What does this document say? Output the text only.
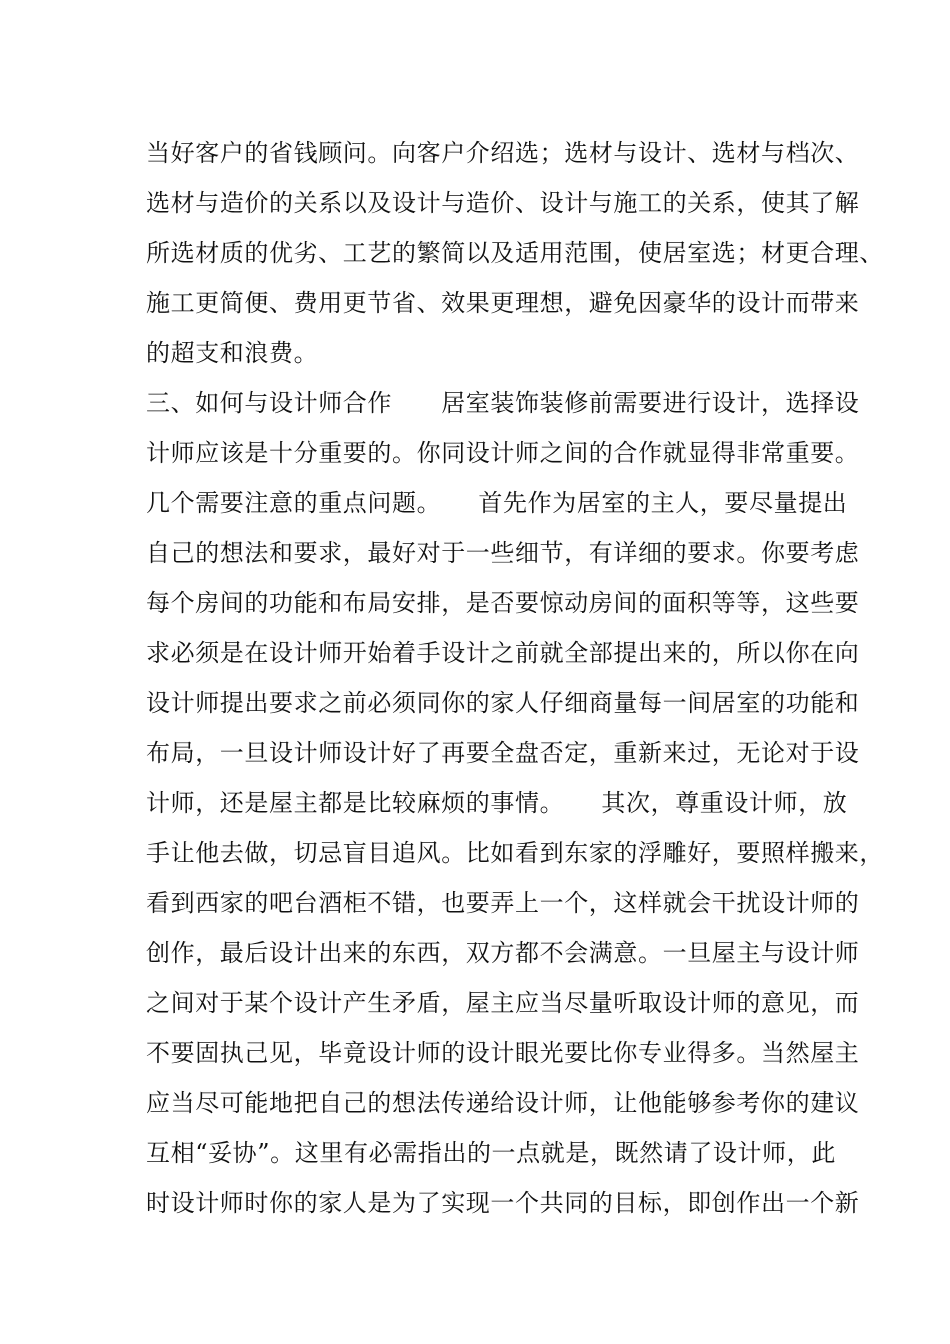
当好客户的省钱顾问。向客户介绍选；选材与设计、选材与档次、
选材与造价的关系以及设计与造价、设计与施工的关系，使其了解
所选材质的优劣、工艺的繁简以及适用范围，使居室选；材更合理、
施工更简便、费用更节省、效果更理想，避免因豪华的设计而带来
的超支和浪费。
三、如何与设计师合作　　居室装饰装修前需要进行设计，选择设
计师应该是十分重要的。你同设计师之间的合作就显得非常重要。
几个需要注意的重点问题。　　首先作为居室的主人，要尽量提出
自己的想法和要求，最好对于一些细节，有详细的要求。你要考虑
每个房间的功能和布局安排，是否要惊动房间的面积等等，这些要
求必须是在设计师开始着手设计之前就全部提出来的，所以你在向
设计师提出要求之前必须同你的家人仔细商量每一间居室的功能和
布局，一旦设计师设计好了再要全盘否定，重新来过，无论对于设
计师，还是屋主都是比较麻烦的事情。　　其次，尊重设计师，放
手让他去做，切忌盲目追风。比如看到东家的浮雕好，要照样搬来，
看到西家的吧台酒柜不错，也要弄上一个，这样就会干扰设计师的
创作，最后设计出来的东西，双方都不会满意。一旦屋主与设计师
之间对于某个设计产生矛盾，屋主应当尽量听取设计师的意见，而
不要固执己见，毕竟设计师的设计眼光要比你专业得多。当然屋主
应当尽可能地把自己的想法传递给设计师，让他能够参考你的建议
互相“妥协”。这里有必需指出的一点就是，既然请了设计师，此
时设计师时你的家人是为了实现一个共同的目标，即创作出一个新
